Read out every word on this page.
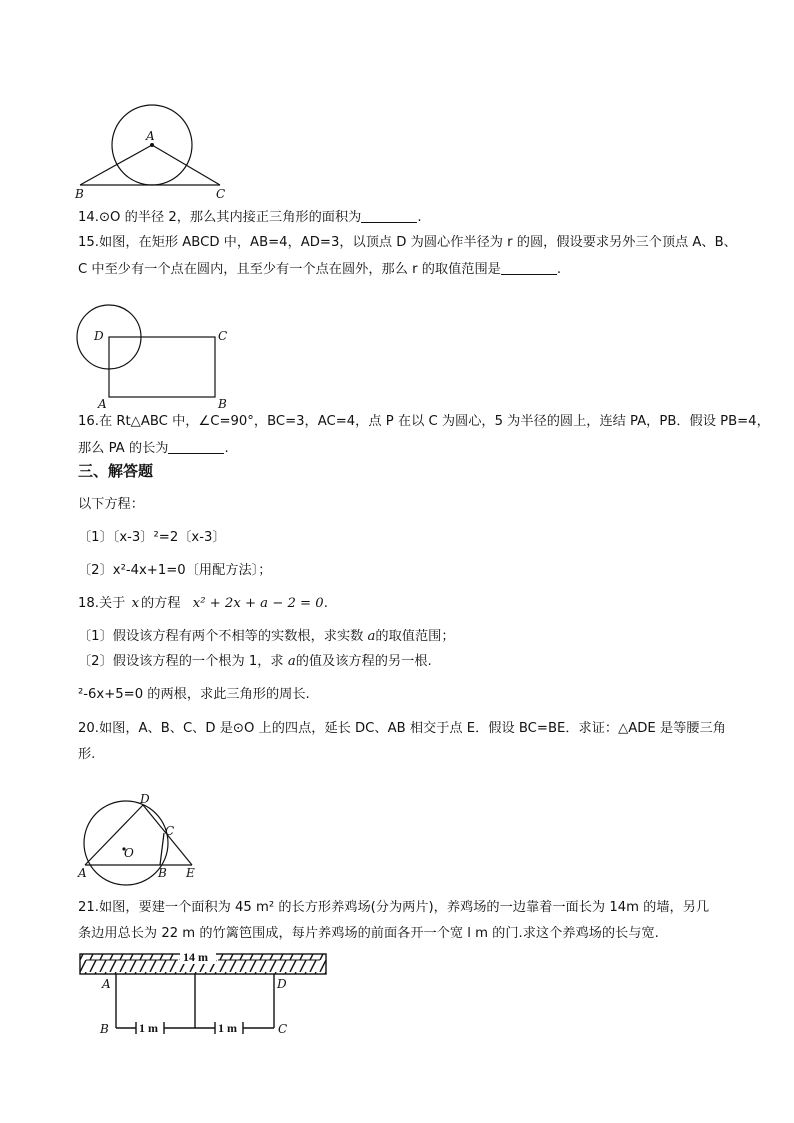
A
B	C
14.⊙O 的半径 2，那么其内接正三角形的面积为	.
15.如图，在矩形 ABCD 中，AB=4，AD=3，以顶点 D 为圆心作半径为 r 的圆，假设要求另外三个顶点 A、B、
C 中至少有一个点在圆内，且至少有一个点在圆外，那么 r 的取值范围是	.
D	C
A	B
16.在 Rt△ABC 中，∠C=90°，BC=3，AC=4，点 P 在以 C 为圆心，5 为半径的圆上，连结 PA，PB．假设 PB=4，
那么 PA 的长为	.
三、解答题
以下方程：
〔1〕〔x-3〕²=2〔x-3〕
〔2〕x²-4x+1=0〔用配方法〕；
18.关于 x 的方程 x² + 2x + a − 2 = 0.
〔1〕假设该方程有两个不相等的实数根，求实数 a的取值范围；
〔2〕假设该方程的一个根为 1，求 a的值及该方程的另一根.
²-6x+5=0 的两根，求此三角形的周长.
20.如图，A、B、C、D 是⊙O 上的四点，延长 DC、AB 相交于点 E．假设 BC=BE．求证：△ADE 是等腰三角
形.
D
C
O
A	B E
21.如图，要建一个面积为 45 m² 的长方形养鸡场(分为两片)，养鸡场的一边靠着一面长为 14m 的墙，另几
条边用总长为 22 m 的竹篱笆围成，每片养鸡场的前面各开一个宽 l m 的门.求这个养鸡场的长与宽.
14 m
1 m	1 m
A	D
B	C
